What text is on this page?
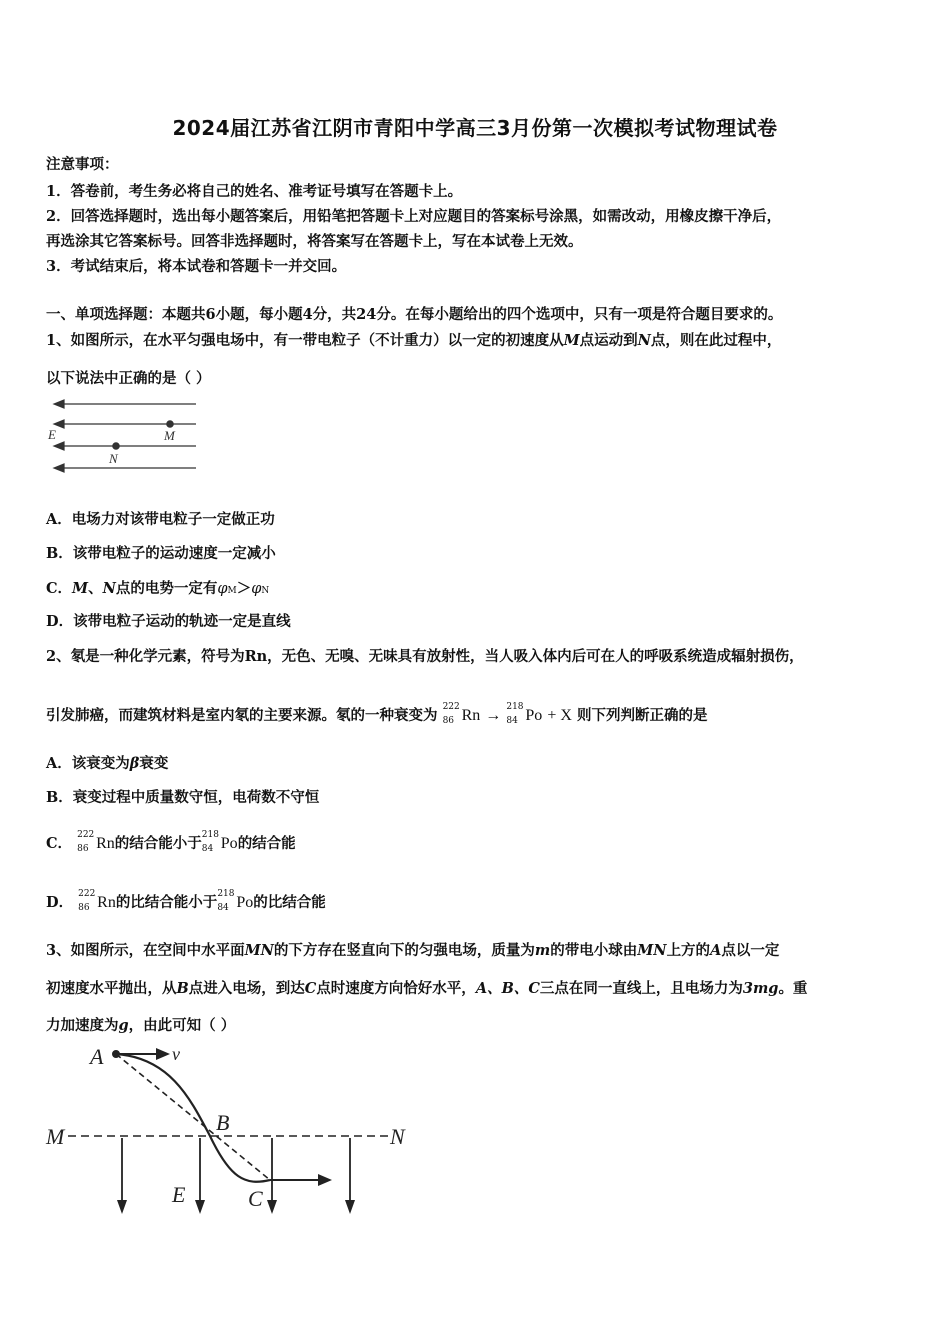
2024届江苏省江阴市青阳中学高三3月份第一次模拟考试物理试卷
注意事项：
1．答卷前，考生务必将自己的姓名、准考证号填写在答题卡上。
2．回答选择题时，选出每小题答案后，用铅笔把答题卡上对应题目的答案标号涂黑，如需改动，用橡皮擦干净后，
再选涂其它答案标号。回答非选择题时，将答案写在答题卡上，写在本试卷上无效。
3．考试结束后，将本试卷和答题卡一并交回。
一、单项选择题：本题共6小题，每小题4分，共24分。在每小题给出的四个选项中，只有一项是符合题目要求的。
1、如图所示，在水平匀强电场中，有一带电粒子（不计重力）以一定的初速度从M点运动到N点，则在此过程中，
以下说法中正确的是（ ）
E	M
N
A．电场力对该带电粒子一定做正功
B．该带电粒子的运动速度一定减小
C．M、N点的电势一定有φM＞φN
D．该带电粒子运动的轨迹一定是直线
2、氡是一种化学元素，符号为Rn，无色、无嗅、无味具有放射性，当人吸入体内后可在人的呼吸系统造成辐射损伤，
引发肺癌，而建筑材料是室内氡的主要来源。氡的一种衰变为 222
86 Rn → 218
84 Po + X 则下列判断正确的是
A．该衰变为β衰变
B．衰变过程中质量数守恒，电荷数不守恒
C． 222
86 Rn的结合能小于 218
84 Po的结合能
D． 222
86 Rn的比结合能小于 218
84 Po的比结合能
3、如图所示，在空间中水平面MN的下方存在竖直向下的匀强电场，质量为m的带电小球由MN上方的A点以一定
初速度水平抛出，从B点进入电场，到达C点时速度方向恰好水平，A、B、C三点在同一直线上，且电场力为3mg。重
力加速度为g，由此可知（ ）
A	v
B
M	N
E	C
